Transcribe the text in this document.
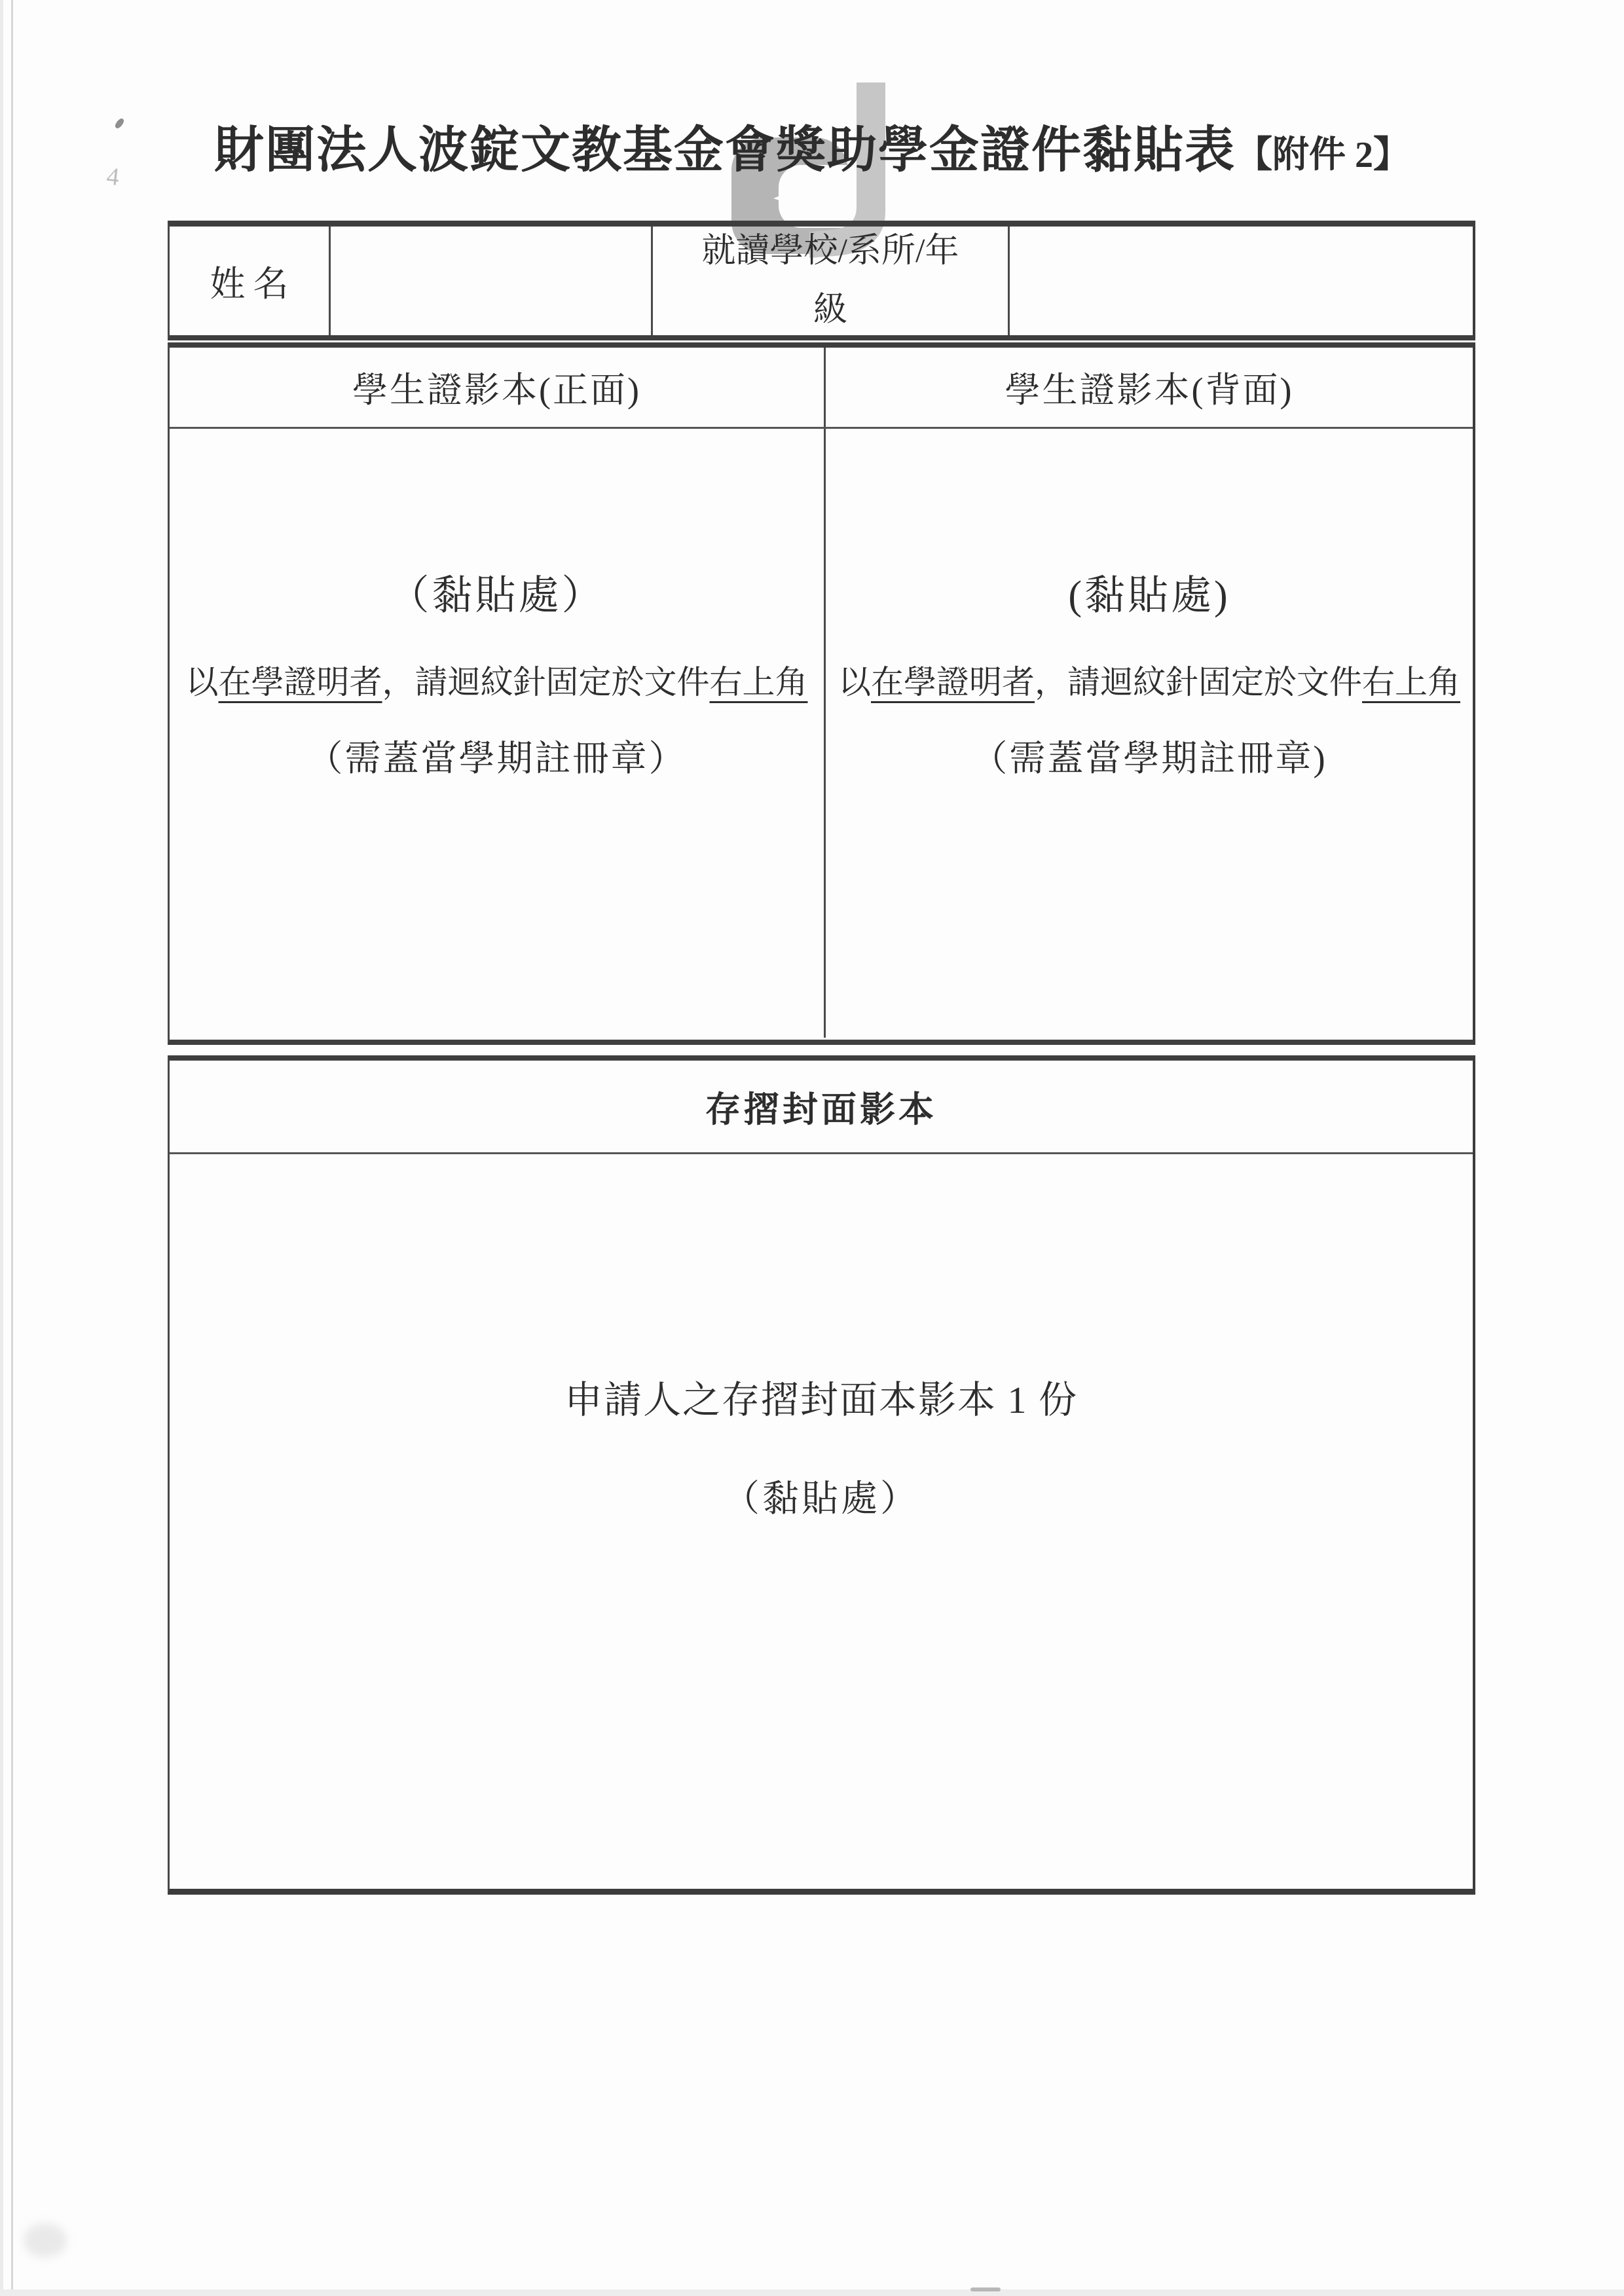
4	財團法人波錠文教基金會獎助學金證件黏貼表【附件 2】
姓名
就讀學校/系所/年級
學生證影本(正面)	學生證影本(背面)

（黏貼處）

以在學證明者，請迴紋針固定於文件右上角

（需蓋當學期註冊章）

(黏貼處)

以在學證明者，請迴紋針固定於文件右上角

（需蓋當學期註冊章)

存摺封面影本

申請人之存摺封面本影本 1 份

（黏貼處）
